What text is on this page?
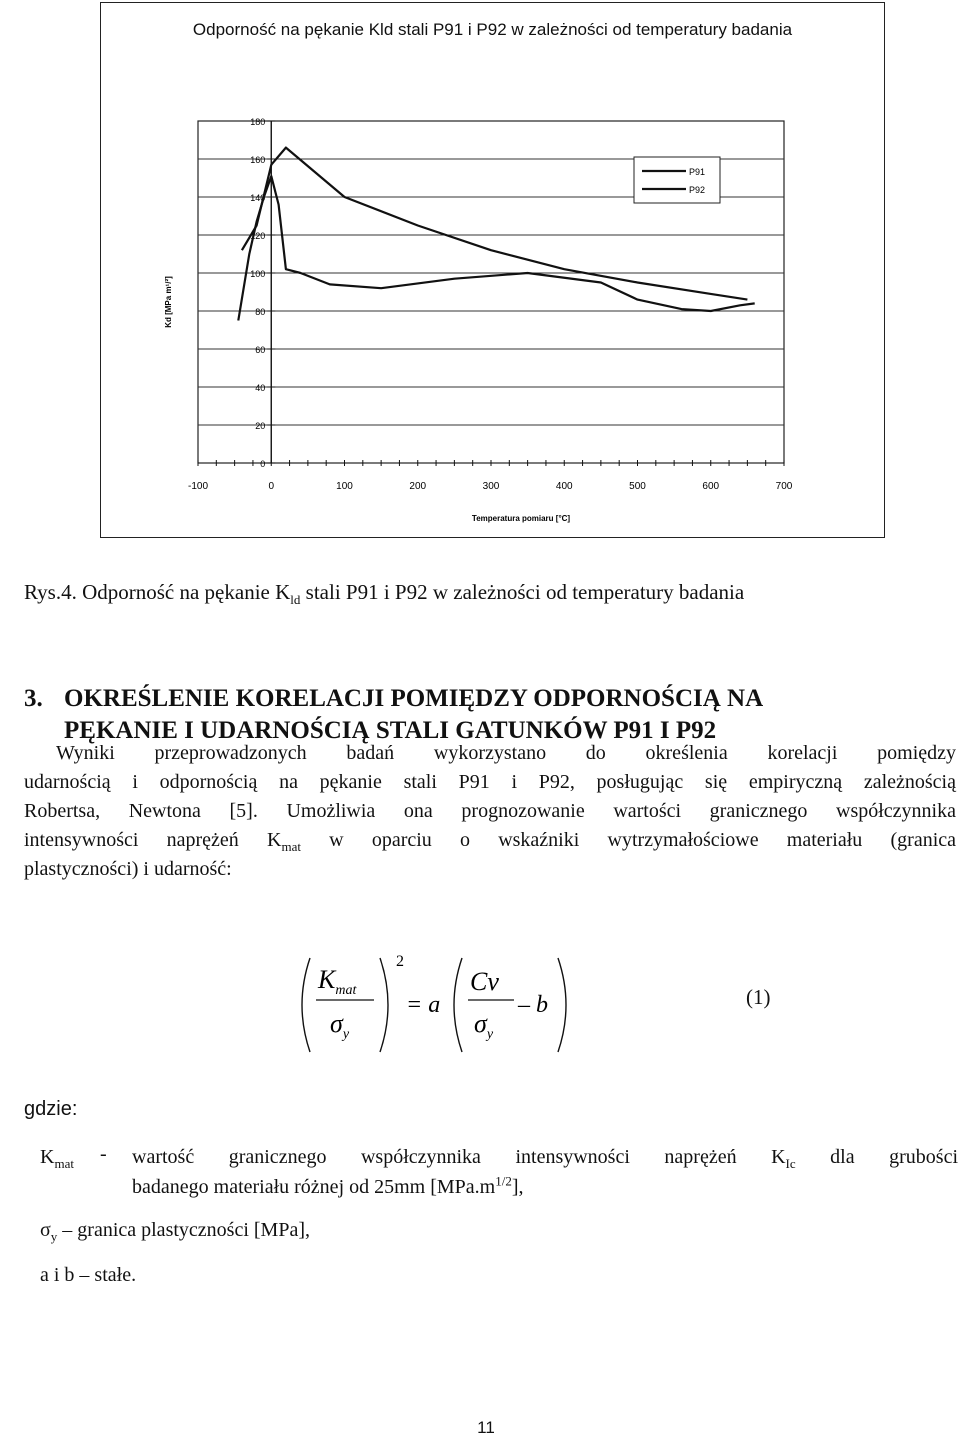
Odporność na pękanie Kld stali P91 i P92 w zależności od temperatury badania
0
20
40
60
80
100
120
140
160
180
-100	0	100	200	300	400	500	600	700
Temperatura pomiaru [°C]
Kd [MPa m¹/²]
P91
P92
Rys.4. Odporność na pękanie $K_{ld}$ stali P91 i P92 w zależności od temperatury badania
3. OKREŚLENIE KORELACJI POMIĘDZY ODPORNOŚCIĄ NA
PĘKANIE I UDARNOŚCIĄ STALI GATUNKÓW P91 I P92
Wyniki przeprowadzonych badań wykorzystano do określenia korelacji pomiędzy
udarnością i odpornością na pękanie stali P91 i P92, posługując się empiryczną zależnością
Robertsa, Newtona [5]. Umożliwia ona prognozowanie wartości granicznego współczynnika
intensywności naprężeń $K_{mat}$ w oparciu o wskaźniki wytrzymałościowe materiału (granica
plastyczności) i udarność:
$K_{mat}$
$\sigma_y$
2
= a
Cv
$\sigma_y$
– b	(1)
gdzie:
$K_{mat}$ - wartość granicznego współczynnika intensywności naprężeń $K_{Ic}$ dla grubości
badanego materiału różnej od 25mm $[MPa.m^{1/2}]$,
$\sigma_y$ – granica plastyczności [MPa],
a i b – stałe.
11
